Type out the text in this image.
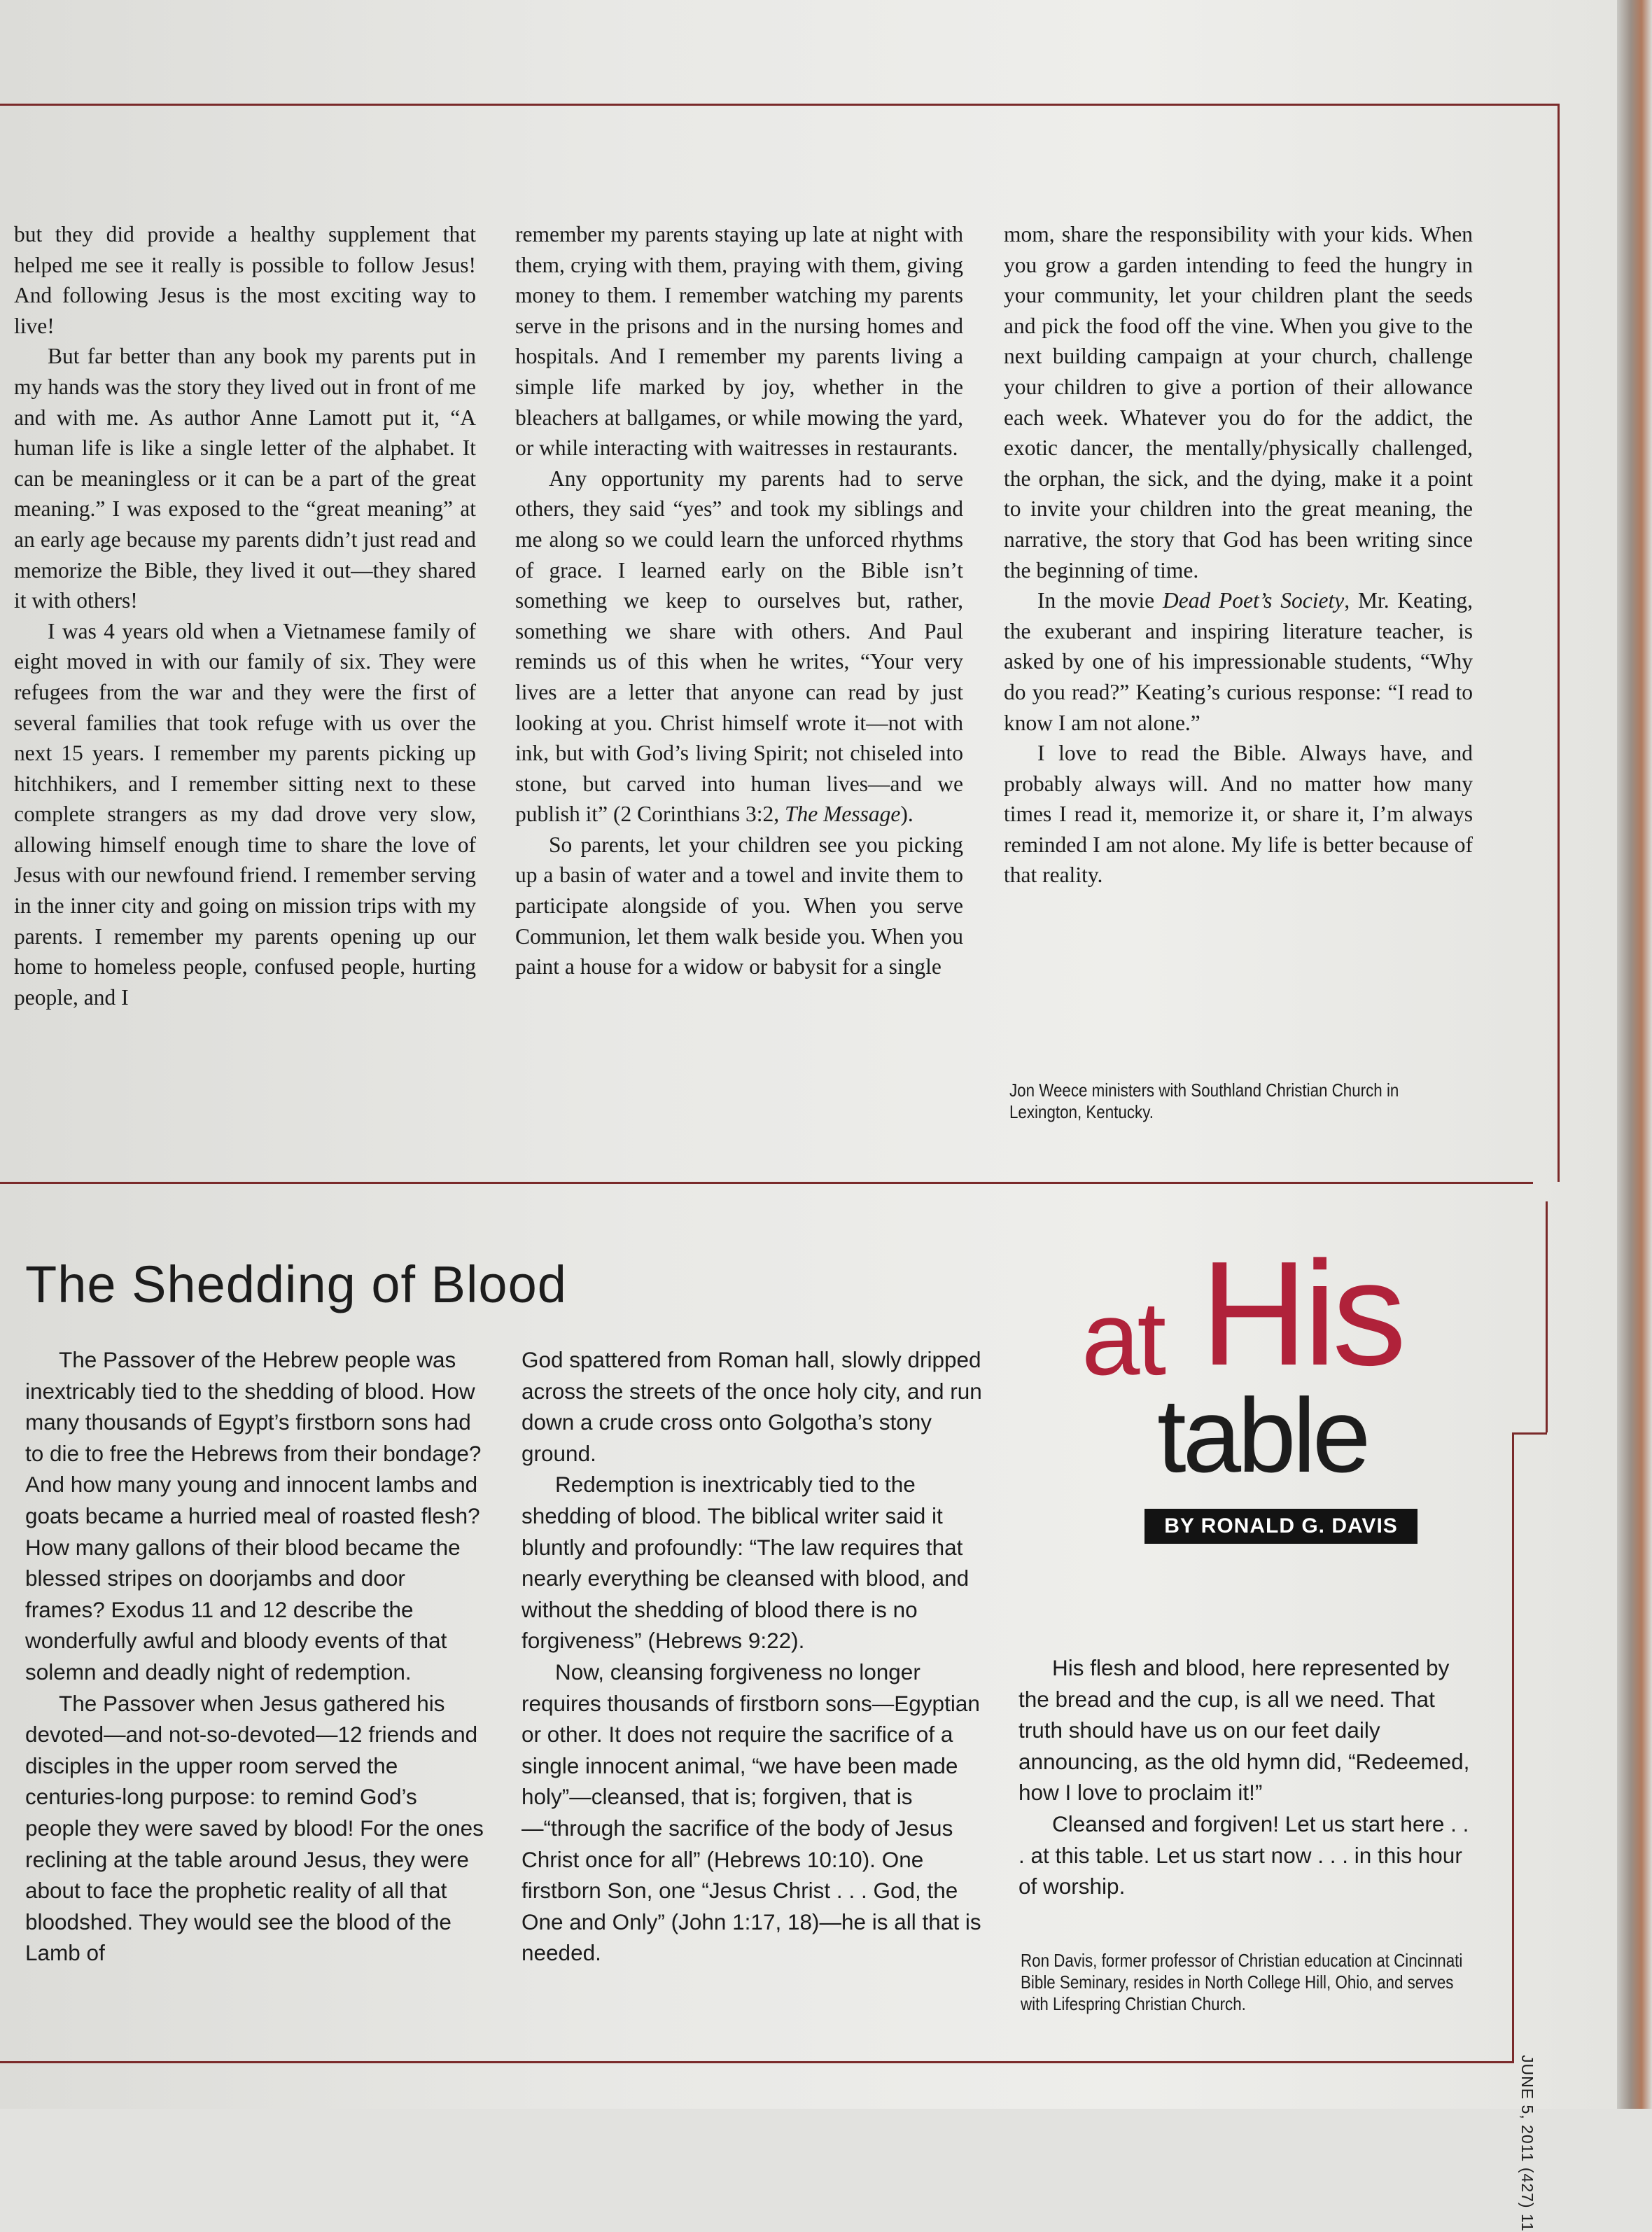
but they did provide a healthy supplement that helped me see it really is possible to follow Jesus! And following Jesus is the most exciting way to live!

But far better than any book my parents put in my hands was the story they lived out in front of me and with me. As author Anne Lamott put it, “A human life is like a single letter of the alphabet. It can be meaningless or it can be a part of the great meaning.” I was exposed to the “great meaning” at an early age because my parents didn’t just read and memorize the Bible, they lived it out—they shared it with others!

I was 4 years old when a Vietnamese family of eight moved in with our family of six. They were refugees from the war and they were the first of several families that took refuge with us over the next 15 years. I remember my parents picking up hitchhikers, and I remember sitting next to these complete strangers as my dad drove very slow, allowing himself enough time to share the love of Jesus with our newfound friend. I remember serving in the inner city and going on mission trips with my parents. I remember my parents opening up our home to homeless people, confused people, hurting people, and I

remember my parents staying up late at night with them, crying with them, praying with them, giving money to them. I remember watching my parents serve in the prisons and in the nursing homes and hospitals. And I remember my parents living a simple life marked by joy, whether in the bleachers at ballgames, or while mowing the yard, or while interacting with waitresses in restaurants.

Any opportunity my parents had to serve others, they said “yes” and took my siblings and me along so we could learn the unforced rhythms of grace. I learned early on the Bible isn’t something we keep to ourselves but, rather, something we share with others. And Paul reminds us of this when he writes, “Your very lives are a letter that anyone can read by just looking at you. Christ himself wrote it—not with ink, but with God’s living Spirit; not chiseled into stone, but carved into human lives—and we publish it” (2 Corinthians 3:2, The Message).

So parents, let your children see you picking up a basin of water and a towel and invite them to participate alongside of you. When you serve Communion, let them walk beside you. When you paint a house for a widow or babysit for a single

mom, share the responsibility with your kids. When you grow a garden intending to feed the hungry in your community, let your children plant the seeds and pick the food off the vine. When you give to the next building campaign at your church, challenge your children to give a portion of their allowance each week. Whatever you do for the addict, the exotic dancer, the mentally/physically challenged, the orphan, the sick, and the dying, make it a point to invite your children into the great meaning, the narrative, the story that God has been writing since the beginning of time.

In the movie Dead Poet’s Society, Mr. Keating, the exuberant and inspiring literature teacher, is asked by one of his impressionable students, “Why do you read?” Keating’s curious response: “I read to know I am not alone.”

I love to read the Bible. Always have, and probably always will. And no matter how many times I read it, memorize it, or share it, I’m always reminded I am not alone. My life is better because of that reality.

Jon Weece ministers with Southland Christian Church in Lexington, Kentucky.
The Shedding of Blood	at His
table
BY RONALD G. DAVIS

The Passover of the Hebrew people was inextricably tied to the shedding of blood. How many thousands of Egypt’s firstborn sons had to die to free the Hebrews from their bondage? And how many young and innocent lambs and goats became a hurried meal of roasted flesh? How many gallons of their blood became the blessed stripes on doorjambs and door frames? Exodus 11 and 12 describe the wonderfully awful and bloody events of that solemn and deadly night of redemption.

The Passover when Jesus gathered his devoted—and not-so-devoted—12 friends and disciples in the upper room served the centuries-long purpose: to remind God’s people they were saved by blood! For the ones reclining at the table around Jesus, they were about to face the prophetic reality of all that bloodshed. They would see the blood of the Lamb of

God spattered from Roman hall, slowly dripped across the streets of the once holy city, and run down a crude cross onto Golgotha’s stony ground.

Redemption is inextricably tied to the shedding of blood. The biblical writer said it bluntly and profoundly: “The law requires that nearly everything be cleansed with blood, and without the shedding of blood there is no forgiveness” (Hebrews 9:22).

Now, cleansing forgiveness no longer requires thousands of firstborn sons—Egyptian or other. It does not require the sacrifice of a single innocent animal, “we have been made holy”—cleansed, that is; forgiven, that is—“through the sacrifice of the body of Jesus Christ once for all” (Hebrews 10:10). One firstborn Son, one “Jesus Christ . . . God, the One and Only” (John 1:17, 18)—he is all that is needed.

His flesh and blood, here represented by the bread and the cup, is all we need. That truth should have us on our feet daily announcing, as the old hymn did, “Redeemed, how I love to proclaim it!”

Cleansed and forgiven! Let us start here . . . at this table. Let us start now . . . in this hour of worship.

Ron Davis, former professor of Christian education at Cincinnati Bible Seminary, resides in North College Hill, Ohio, and serves with Lifespring Christian Church.
JUNE 5, 2011 (427) 11
